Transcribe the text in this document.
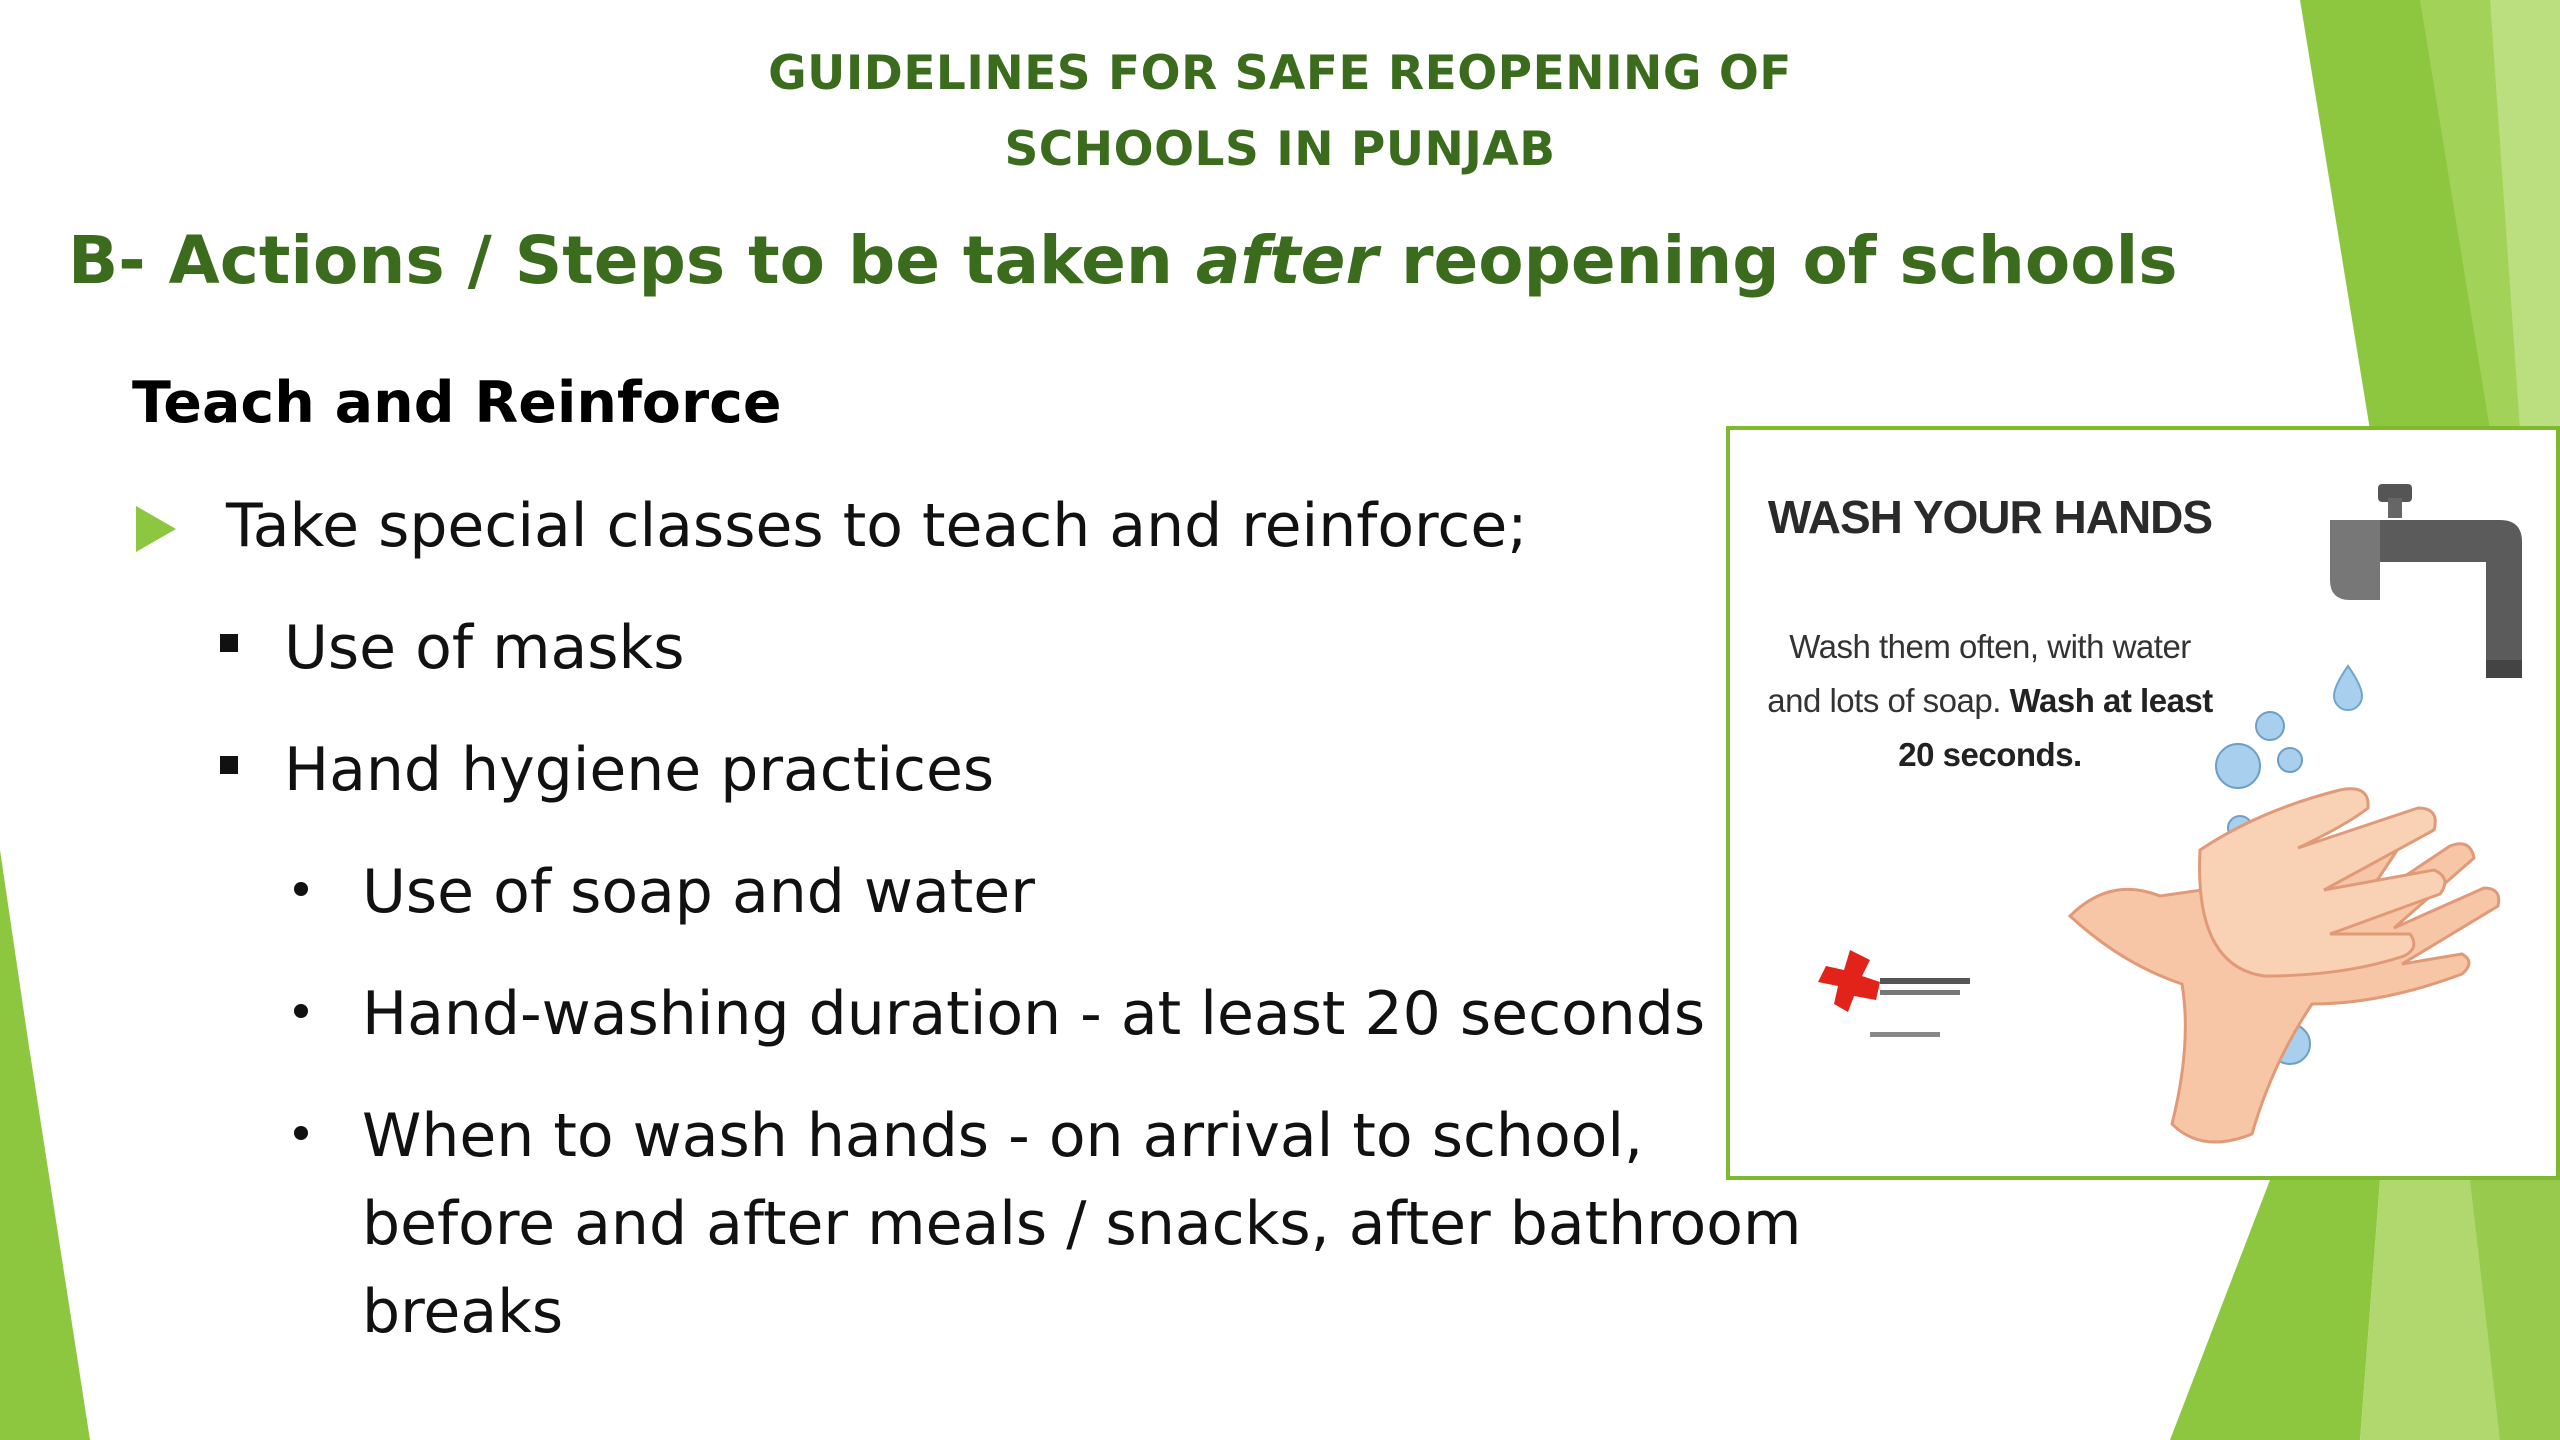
GUIDELINES FOR SAFE REOPENING OF
SCHOOLS IN PUNJAB
B- Actions / Steps to be taken after reopening of schools
Teach and Reinforce
Take special classes to teach and reinforce;
Use of masks
Hand hygiene practices
Use of soap and water
Hand-washing duration - at least 20 seconds
When to wash hands - on arrival to school, before and after meals / snacks, after bathroom breaks
WASH YOUR HANDS
Wash them often, with water and lots of soap. Wash at least 20 seconds.
